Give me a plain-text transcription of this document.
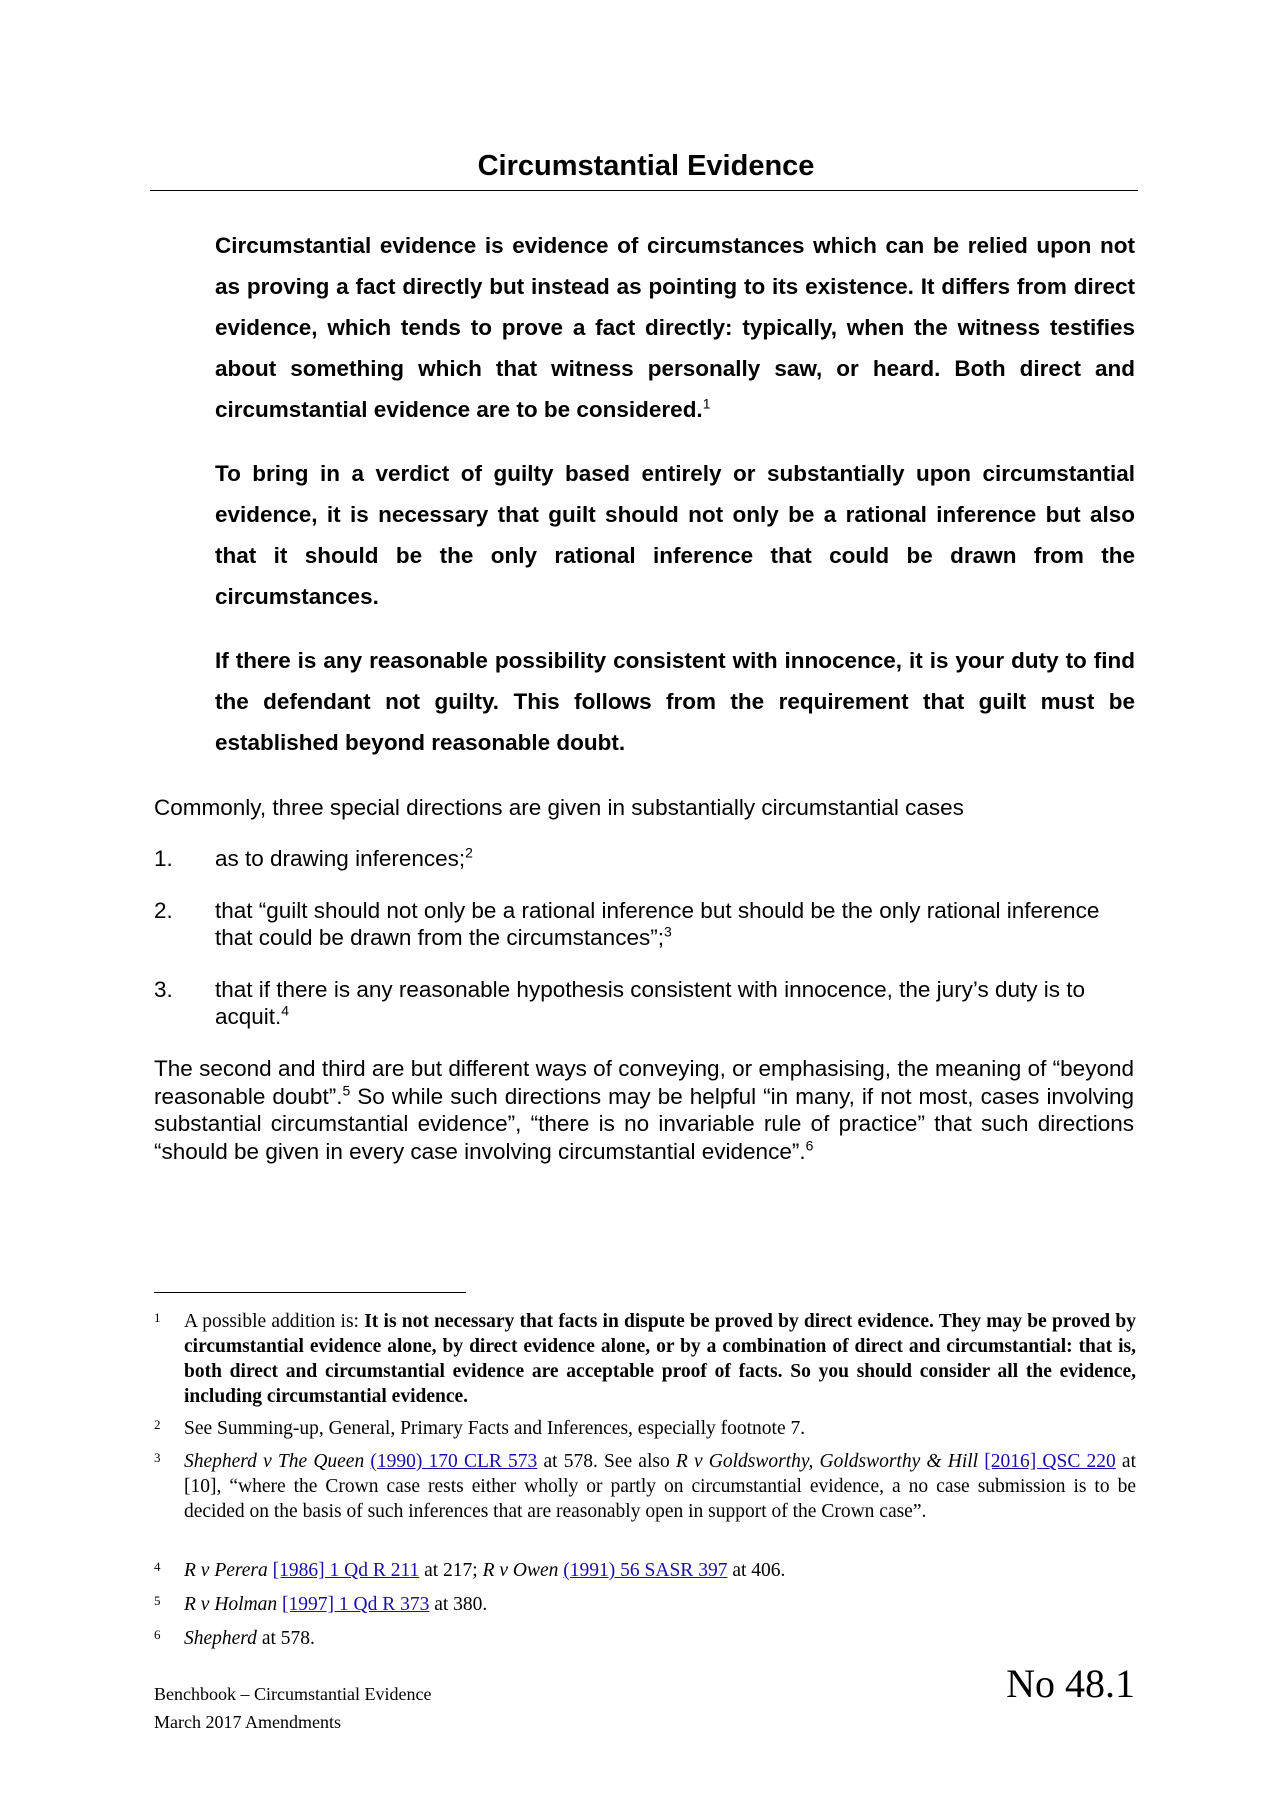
Circumstantial Evidence
Circumstantial evidence is evidence of circumstances which can be relied upon not as proving a fact directly but instead as pointing to its existence. It differs from direct evidence, which tends to prove a fact directly: typically, when the witness testifies about something which that witness personally saw, or heard. Both direct and circumstantial evidence are to be considered.$^1$
To bring in a verdict of guilty based entirely or substantially upon circumstantial evidence, it is necessary that guilt should not only be a rational inference but also that it should be the only rational inference that could be drawn from the circumstances.
If there is any reasonable possibility consistent with innocence, it is your duty to find the defendant not guilty. This follows from the requirement that guilt must be established beyond reasonable doubt.
Commonly, three special directions are given in substantially circumstantial cases
1. as to drawing inferences;$^2$
2. that “guilt should not only be a rational inference but should be the only rational inference that could be drawn from the circumstances”;$^3$
3. that if there is any reasonable hypothesis consistent with innocence, the jury’s duty is to acquit.$^4$
The second and third are but different ways of conveying, or emphasising, the meaning of “beyond reasonable doubt”.$^5$ So while such directions may be helpful “in many, if not most, cases involving substantial circumstantial evidence”, “there is no invariable rule of practice” that such directions “should be given in every case involving circumstantial evidence”.$^6$
1 A possible addition is: It is not necessary that facts in dispute be proved by direct evidence. They may be proved by circumstantial evidence alone, by direct evidence alone, or by a combination of direct and circumstantial: that is, both direct and circumstantial evidence are acceptable proof of facts. So you should consider all the evidence, including circumstantial evidence.
2 See Summing-up, General, Primary Facts and Inferences, especially footnote 7.
3 Shepherd v The Queen (1990) 170 CLR 573 at 578. See also R v Goldsworthy, Goldsworthy & Hill [2016] QSC 220 at [10], “where the Crown case rests either wholly or partly on circumstantial evidence, a no case submission is to be decided on the basis of such inferences that are reasonably open in support of the Crown case”.
4 R v Perera [1986] 1 Qd R 211 at 217; R v Owen (1991) 56 SASR 397 at 406.
5 R v Holman [1997] 1 Qd R 373 at 380.
6 Shepherd at 578.
Benchbook – Circumstantial Evidence
March 2017 Amendments
No 48.1
